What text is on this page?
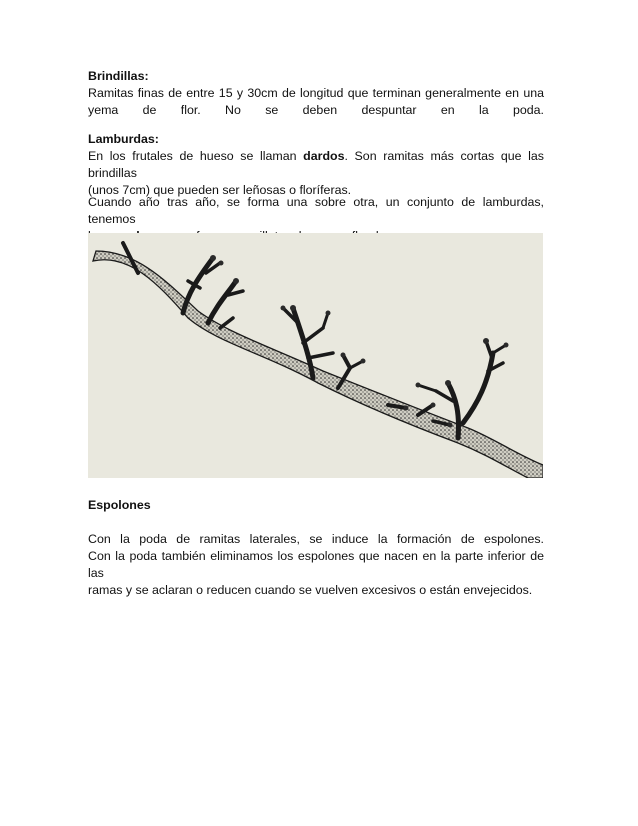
Brindillas:

Ramitas finas de entre 15 y 30cm de longitud que terminan generalmente en una

yema de flor. No se deben despuntar en la poda.

Lamburdas:

En los frutales de hueso se llaman dardos. Son ramitas más cortas que las brindillas

(unos 7cm) que pueden ser leñosas o floríferas.

Cuando año tras año, se forma una sobre otra, un conjunto de lamburdas, tenemos

Espolones

Con la poda de ramitas laterales, se induce la formación de espolones.

Con la poda también eliminamos los espolones que nacen en la parte inferior de las

ramas y se aclaran o reducen cuando se vuelven excesivos o están envejecidos.
